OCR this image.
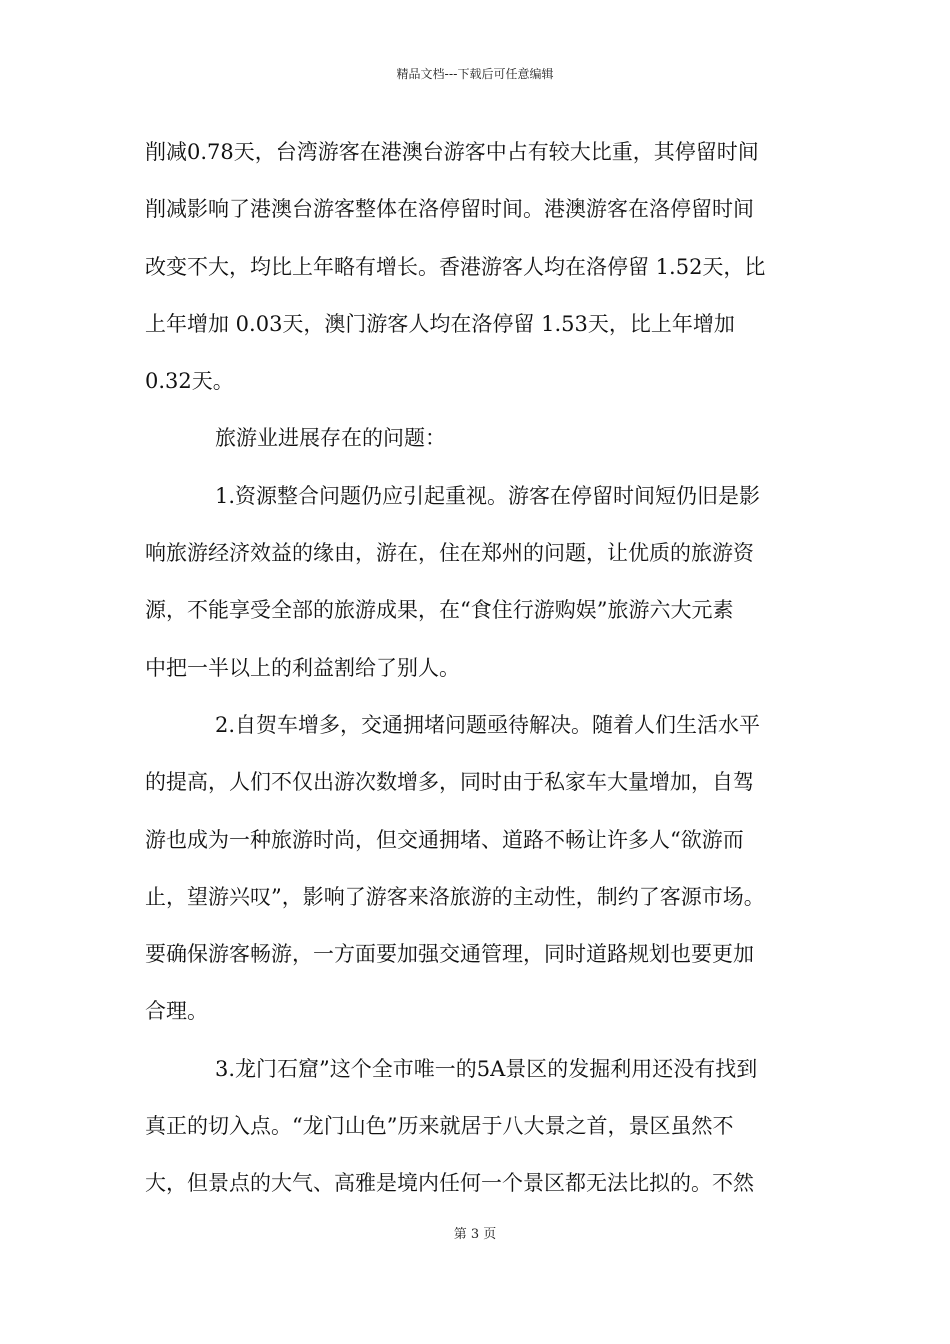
精品文档---下载后可任意编辑
削减0.78天，台湾游客在港澳台游客中占有较大比重，其停留时间
削减影响了港澳台游客整体在洛停留时间。港澳游客在洛停留时间
改变不大，均比上年略有增长。香港游客人均在洛停留 1.52天，比
上年增加 0.03天，澳门游客人均在洛停留 1.53天，比上年增加
0.32天。
旅游业进展存在的问题：
1.资源整合问题仍应引起重视。游客在停留时间短仍旧是影
响旅游经济效益的缘由，游在，住在郑州的问题，让优质的旅游资
源，不能享受全部的旅游成果，在“食住行游购娱”旅游六大元素
中把一半以上的利益割给了别人。
2.自贺车增多，交通拥堵问题亟待解决。随着人们生活水平
的提高，人们不仅出游次数增多，同时由于私家车大量增加，自驾
游也成为一种旅游时尚，但交通拥堵、道路不畅让许多人“欲游而
止，望游兴叹”，影响了游客来洛旅游的主动性，制约了客源市场。
要确保游客畅游，一方面要加强交通管理，同时道路规划也要更加
合理。
3.龙门石窟”这个全市唯一的5A景区的发掘利用还没有找到
真正的切入点。“龙门山色”历来就居于八大景之首，景区虽然不
大，但景点的大气、高雅是境内任何一个景区都无法比拟的。不然
第 3 页
